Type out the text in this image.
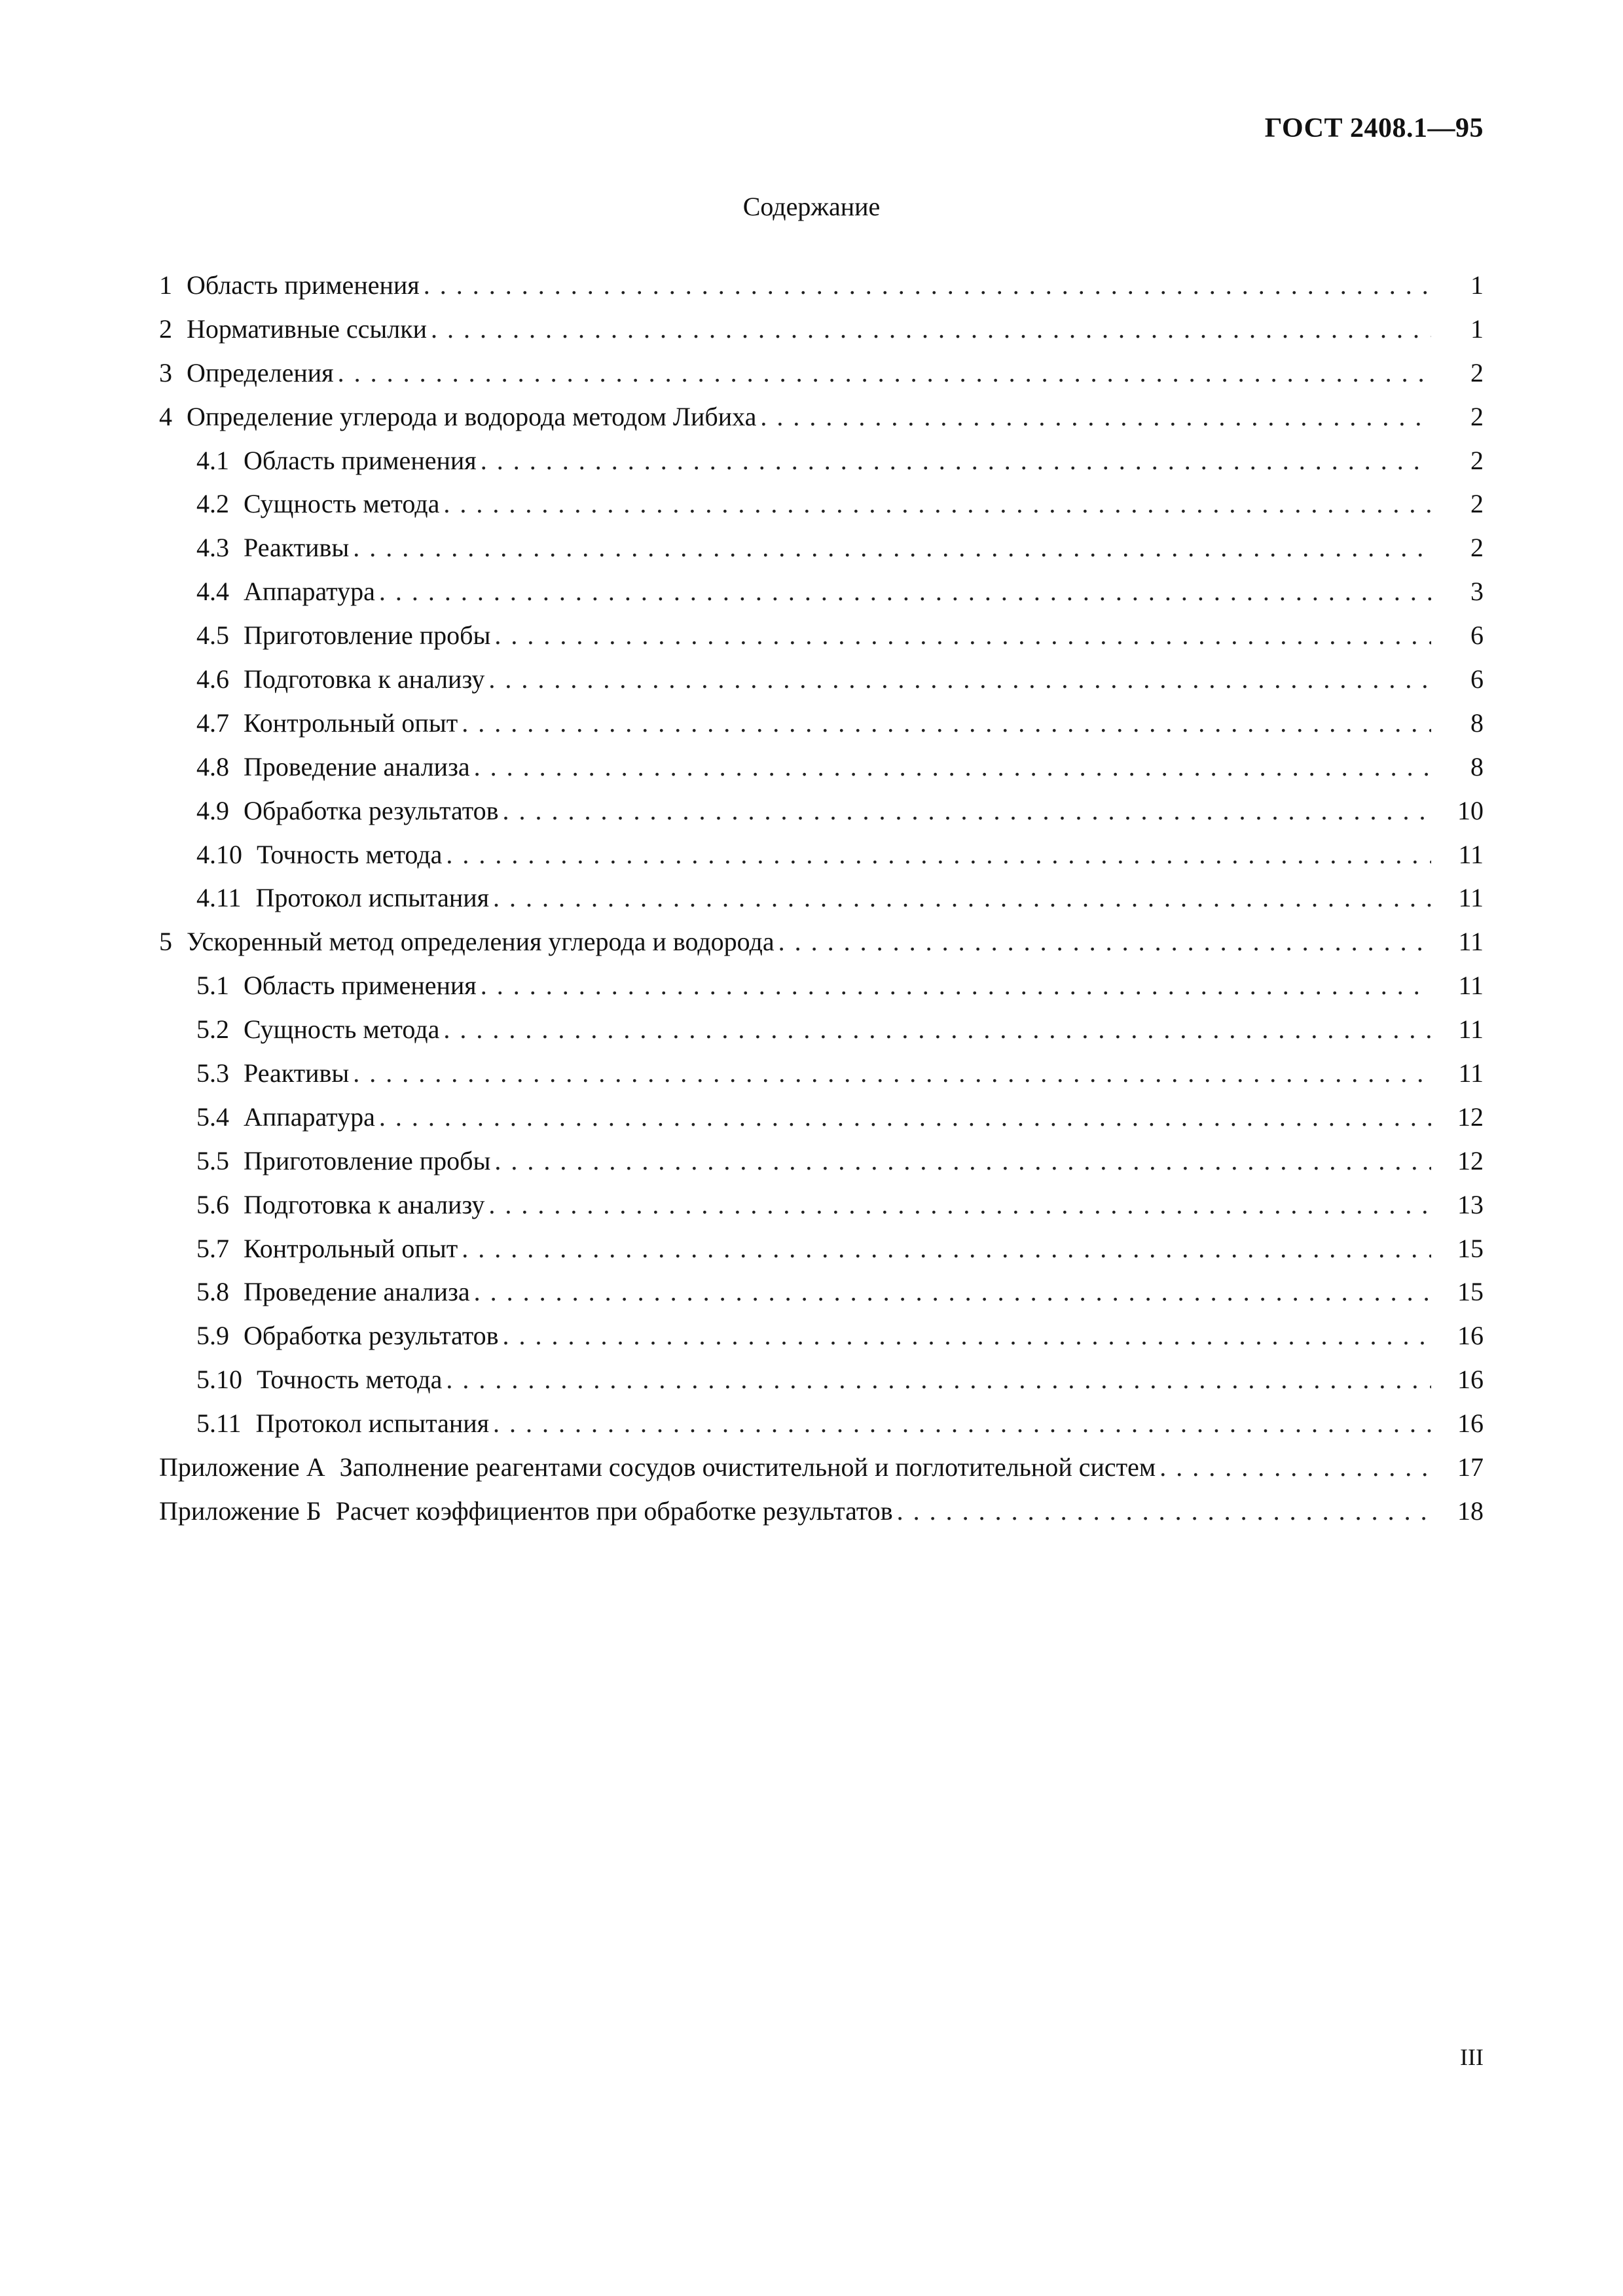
ГОСТ 2408.1—95
Содержание
1 Область применения . . .	1
2 Нормативные ссылки . . .	1
3 Определения . . .	2
4 Определение углерода и водорода методом Либиха . . .	2
4.1 Область применения . . .	2
4.2 Сущность метода . . .	2
4.3 Реактивы . . .	2
4.4 Аппаратура . . .	3
4.5 Приготовление пробы . . .	6
4.6 Подготовка к анализу . . .	6
4.7 Контрольный опыт . . .	8
4.8 Проведение анализа . . .	8
4.9 Обработка результатов . . .	10
4.10 Точность метода . . .	11
4.11 Протокол испытания . . .	11
5 Ускоренный метод определения углерода и водорода . . .	11
5.1 Область применения . . .	11
5.2 Сущность метода . . .	11
5.3 Реактивы . . .	11
5.4 Аппаратура . . .	12
5.5 Приготовление пробы . . .	12
5.6 Подготовка к анализу . . .	13
5.7 Контрольный опыт . . .	15
5.8 Проведение анализа . . .	15
5.9 Обработка результатов . . .	16
5.10 Точность метода . . .	16
5.11 Протокол испытания . . .	16
Приложение А Заполнение реагентами сосудов очистительной и поглотительной систем . . .	17
Приложение Б Расчет коэффициентов при обработке результатов . . .	18
III
